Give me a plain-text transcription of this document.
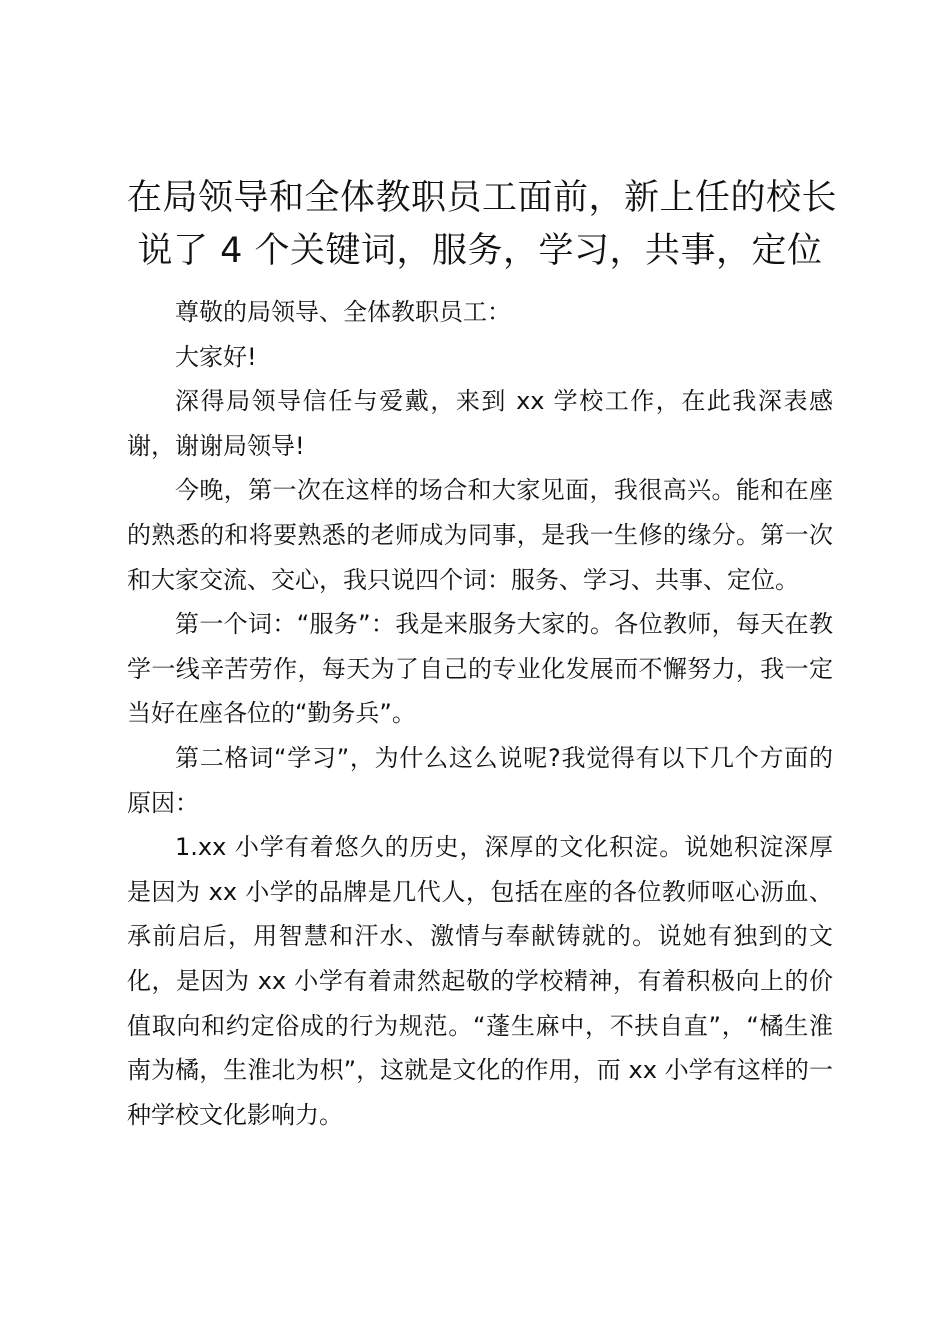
在局领导和全体教职员工面前，新上任的校长
说了 4 个关键词，服务，学习，共事，定位

尊敬的局领导、全体教职员工：

大家好!

深得局领导信任与爱戴，来到 xx 学校工作，在此我深表感谢，谢谢局领导!

今晚，第一次在这样的场合和大家见面，我很高兴。能和在座的熟悉的和将要熟悉的老师成为同事，是我一生修的缘分。第一次和大家交流、交心，我只说四个词：服务、学习、共事、定位。

第一个词：“服务”：我是来服务大家的。各位教师，每天在教学一线辛苦劳作，每天为了自己的专业化发展而不懈努力，我一定当好在座各位的“勤务兵”。

第二格词“学习”，为什么这么说呢?我觉得有以下几个方面的原因：

1.xx 小学有着悠久的历史，深厚的文化积淀。说她积淀深厚是因为 xx 小学的品牌是几代人，包括在座的各位教师呕心沥血、承前启后，用智慧和汗水、激情与奉献铸就的。说她有独到的文化，是因为 xx 小学有着肃然起敬的学校精神，有着积极向上的价值取向和约定俗成的行为规范。“蓬生麻中，不扶自直”，“橘生淮南为橘，生淮北为枳”，这就是文化的作用，而 xx 小学有这样的一种学校文化影响力。
